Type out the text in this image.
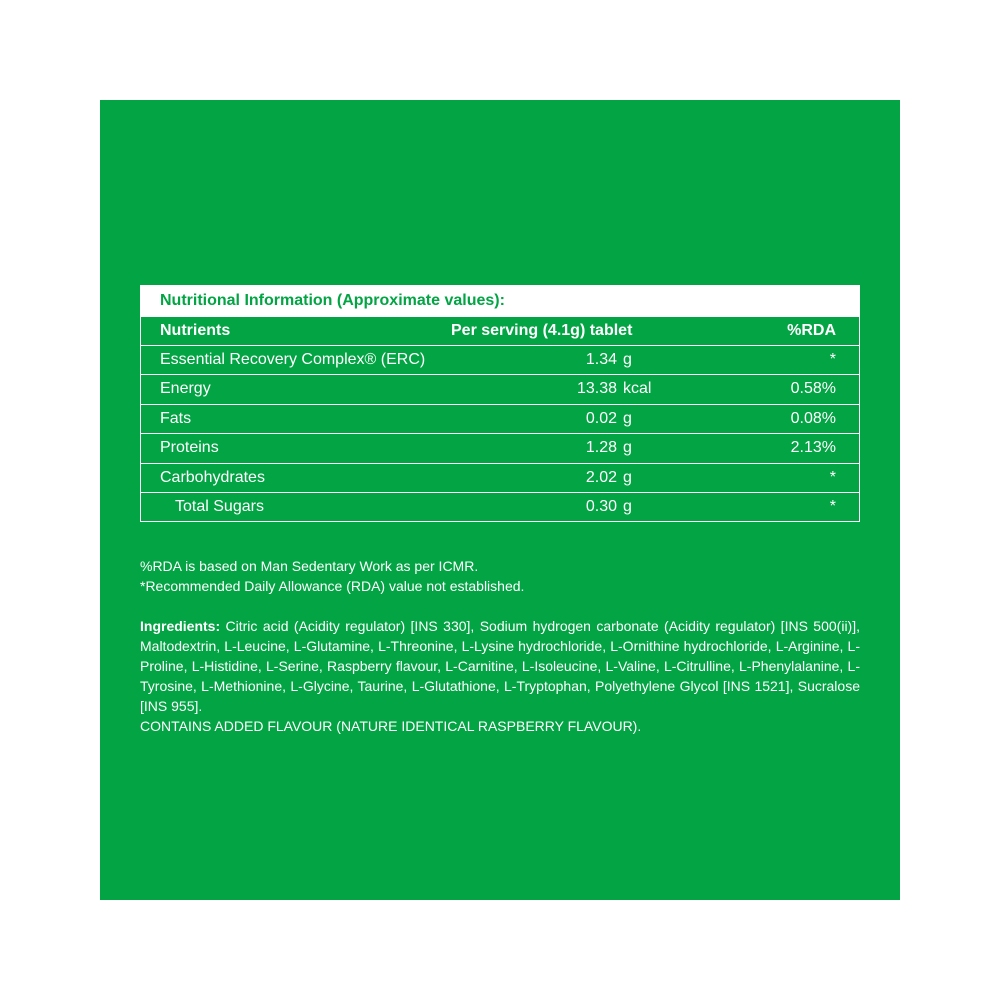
Nutritional Information (Approximate values):
Nutrients	Per serving (4.1g) tablet	%RDA
Essential Recovery Complex® (ERC)	1.34 g	*
Energy	13.38 kcal	0.58%
Fats	0.02 g	0.08%
Proteins	1.28 g	2.13%
Carbohydrates	2.02 g	*
Total Sugars	0.30 g	*
%RDA is based on Man Sedentary Work as per ICMR.
*Recommended Daily Allowance (RDA) value not established.
Ingredients: Citric acid (Acidity regulator) [INS 330], Sodium hydrogen carbonate (Acidity regulator) [INS 500(ii)], Maltodextrin, L-Leucine, L-Glutamine, L-Threonine, L-Lysine hydrochloride, L-Ornithine hydrochloride, L-Arginine, L-Proline, L-Histidine, L-Serine, Raspberry flavour, L-Carnitine, L-Isoleucine, L-Valine, L-Citrulline, L-Phenylalanine, L-Tyrosine, L-Methionine, L-Glycine, Taurine, L-Glutathione, L-Tryptophan, Polyethylene Glycol [INS 1521], Sucralose [INS 955].
CONTAINS ADDED FLAVOUR (NATURE IDENTICAL RASPBERRY FLAVOUR).
